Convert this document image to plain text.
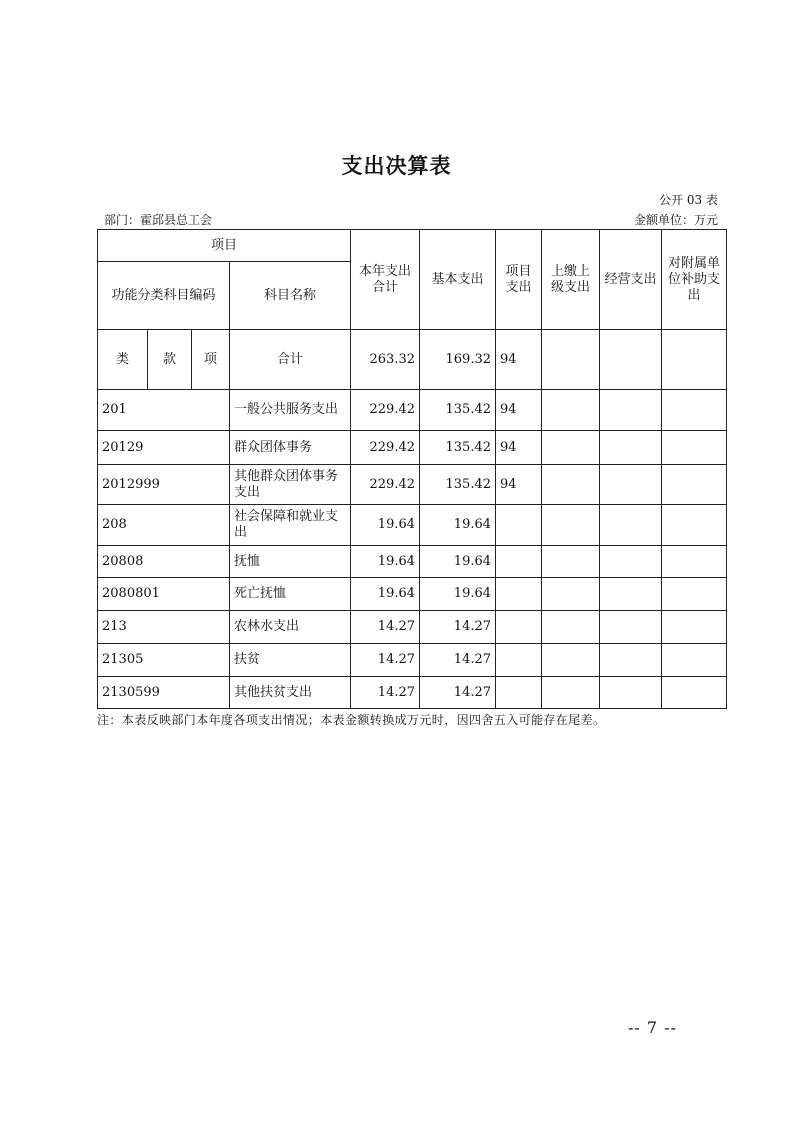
支出决算表
公开 03 表
部门：霍邱县总工会	金额单位：万元
项目				本年支出合计	基本支出	项目支出	上缴上级支出	经营支出	对附属单位补助支出
功能分类科目编码			科目名称						
类	款	项	合计	263.32	169.32	94			
201			一般公共服务支出	229.42	135.42	94			
20129			群众团体事务	229.42	135.42	94			
2012999			其他群众团体事务支出	229.42	135.42	94			
208			社会保障和就业支出	19.64	19.64				
20808			抚恤	19.64	19.64				
2080801			死亡抚恤	19.64	19.64				
213			农林水支出	14.27	14.27				
21305			扶贫	14.27	14.27				
2130599			其他扶贫支出	14.27	14.27				
注：本表反映部门本年度各项支出情况；本表金额转换成万元时，因四舍五入可能存在尾差。
-- 7 --
